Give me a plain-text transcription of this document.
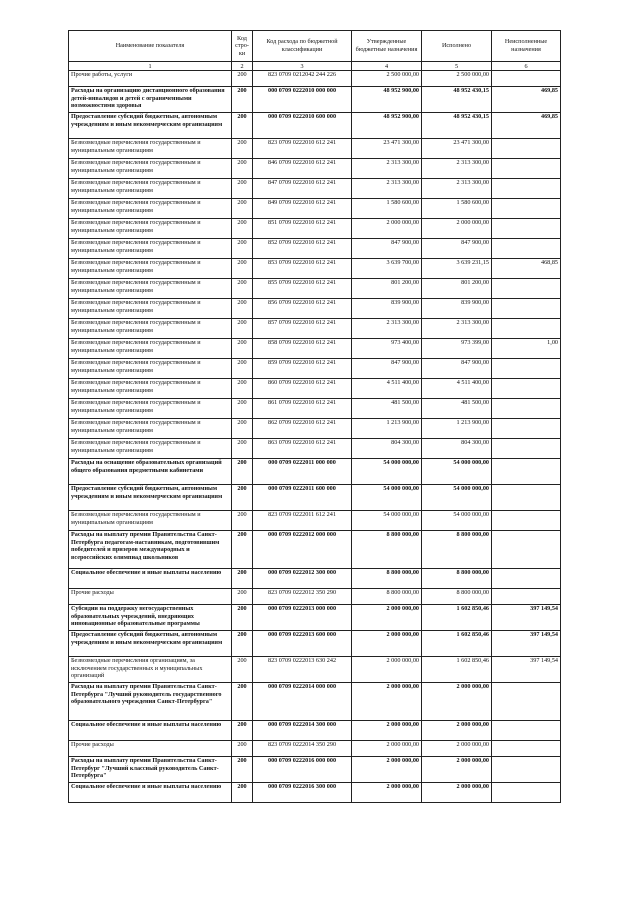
Наименование показателя	Код стро-ки	Код расхода по бюджетной классификации	Утвержденные бюджетные назначения	Исполнено	Неисполненные назначения
1	2	3	4	5	6
Прочие работы, услуги	200	823 0709 0212042 244 226	2 500 000,00	2 500 000,00	
Расходы на организацию дистанционного образования детей-инвалидов и детей с ограниченными возможностями здоровья	200	000 0709 0222010 000 000	48 952 900,00	48 952 430,15	469,85
Предоставление субсидий бюджетным, автономным учреждениям и иным некоммерческим организациям	200	000 0709 0222010 600 000	48 952 900,00	48 952 430,15	469,85
Безвозмездные перечисления государственным и муниципальным организациям	200	823 0709 0222010 612 241	23 471 300,00	23 471 300,00	
Безвозмездные перечисления государственным и муниципальным организациям	200	846 0709 0222010 612 241	2 313 300,00	2 313 300,00	
Безвозмездные перечисления государственным и муниципальным организациям	200	847 0709 0222010 612 241	2 313 300,00	2 313 300,00	
Безвозмездные перечисления государственным и муниципальным организациям	200	849 0709 0222010 612 241	1 580 600,00	1 580 600,00	
Безвозмездные перечисления государственным и муниципальным организациям	200	851 0709 0222010 612 241	2 000 000,00	2 000 000,00	
Безвозмездные перечисления государственным и муниципальным организациям	200	852 0709 0222010 612 241	847 900,00	847 900,00	
Безвозмездные перечисления государственным и муниципальным организациям	200	853 0709 0222010 612 241	3 639 700,00	3 639 231,15	468,85
Безвозмездные перечисления государственным и муниципальным организациям	200	855 0709 0222010 612 241	801 200,00	801 200,00	
Безвозмездные перечисления государственным и муниципальным организациям	200	856 0709 0222010 612 241	839 900,00	839 900,00	
Безвозмездные перечисления государственным и муниципальным организациям	200	857 0709 0222010 612 241	2 313 300,00	2 313 300,00	
Безвозмездные перечисления государственным и муниципальным организациям	200	858 0709 0222010 612 241	973 400,00	973 399,00	1,00
Безвозмездные перечисления государственным и муниципальным организациям	200	859 0709 0222010 612 241	847 900,00	847 900,00	
Безвозмездные перечисления государственным и муниципальным организациям	200	860 0709 0222010 612 241	4 511 400,00	4 511 400,00	
Безвозмездные перечисления государственным и муниципальным организациям	200	861 0709 0222010 612 241	481 500,00	481 500,00	
Безвозмездные перечисления государственным и муниципальным организациям	200	862 0709 0222010 612 241	1 213 900,00	1 213 900,00	
Безвозмездные перечисления государственным и муниципальным организациям	200	863 0709 0222010 612 241	804 300,00	804 300,00	
Расходы на оснащение образовательных организаций общего образования предметными кабинетами	200	000 0709 0222011 000 000	54 000 000,00	54 000 000,00	
Предоставление субсидий бюджетным, автономным учреждениям и иным некоммерческим организациям	200	000 0709 0222011 600 000	54 000 000,00	54 000 000,00	
Безвозмездные перечисления государственным и муниципальным организациям	200	823 0709 0222011 612 241	54 000 000,00	54 000 000,00	
Расходы на выплату премии Правительства Санкт-Петербурга педагогам-наставникам, подготовившим победителей и призеров международных и всероссийских олимпиад школьников	200	000 0709 0222012 000 000	8 800 000,00	8 800 000,00	
Социальное обеспечение и иные выплаты населению	200	000 0709 0222012 300 000	8 800 000,00	8 800 000,00	
Прочие расходы	200	823 0709 0222012 350 290	8 800 000,00	8 800 000,00	
Субсидии на поддержку негосударственных образовательных учреждений, внедряющих инновационные образовательные программы	200	000 0709 0222013 000 000	2 000 000,00	1 602 850,46	397 149,54
Предоставление субсидий бюджетным, автономным учреждениям и иным некоммерческим организациям	200	000 0709 0222013 600 000	2 000 000,00	1 602 850,46	397 149,54
Безвозмездные перечисления организациям, за исключением государственных и муниципальных организаций	200	823 0709 0222013 630 242	2 000 000,00	1 602 850,46	397 149,54
Расходы на выплату премии Правительства Санкт-Петербурга "Лучший руководитель государственного образовательного учреждения Санкт-Петербурга"	200	000 0709 0222014 000 000	2 000 000,00	2 000 000,00	
Социальное обеспечение и иные выплаты населению	200	000 0709 0222014 300 000	2 000 000,00	2 000 000,00	
Прочие расходы	200	823 0709 0222014 350 290	2 000 000,00	2 000 000,00	
Расходы на выплату премии Правительства Санкт-Петербург "Лучший классный руководитель Санкт-Петербурга"	200	000 0709 0222016 000 000	2 000 000,00	2 000 000,00	
Социальное обеспечение и иные выплаты населению	200	000 0709 0222016 300 000	2 000 000,00	2 000 000,00	
